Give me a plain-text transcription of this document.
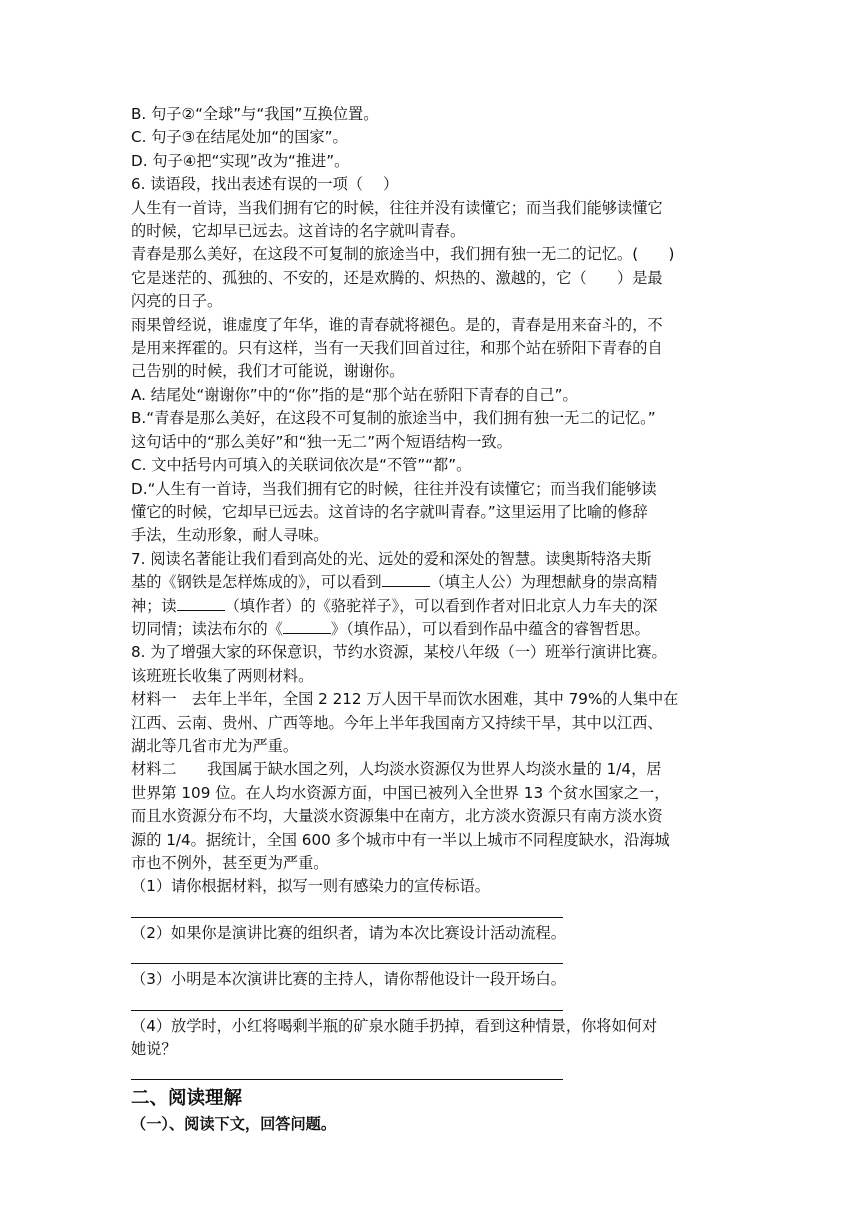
B. 句子②“全球”与“我国”互换位置。

C. 句子③在结尾处加“的国家”。

D. 句子④把“实现”改为“推进”。

6. 读语段，找出表述有误的一项（　 ）

人生有一首诗，当我们拥有它的时候，往往并没有读懂它；而当我们能够读懂它

的时候，它却早已远去。这首诗的名字就叫青春。

青春是那么美好，在这段不可复制的旅途当中，我们拥有独一无二的记忆。(　　)

它是迷茫的、孤独的、不安的，还是欢腾的、炽热的、激越的，它（　　）是最

闪亮的日子。

雨果曾经说，谁虚度了年华，谁的青春就将褪色。是的，青春是用来奋斗的，不

是用来挥霍的。只有这样，当有一天我们回首过往，和那个站在骄阳下青春的自

己告别的时候，我们才可能说，谢谢你。

A. 结尾处“谢谢你”中的“你”指的是“那个站在骄阳下青春的自己”。

B.“青春是那么美好，在这段不可复制的旅途当中，我们拥有独一无二的记忆。”

这句话中的“那么美好”和“独一无二”两个短语结构一致。

C. 文中括号内可填入的关联词依次是“不管”“都”。

D.“人生有一首诗，当我们拥有它的时候，往往并没有读懂它；而当我们能够读

懂它的时候，它却早已远去。这首诗的名字就叫青春。”这里运用了比喻的修辞

手法，生动形象，耐人寻味。

7. 阅读名著能让我们看到高处的光、远处的爱和深处的智慧。读奥斯特洛夫斯

基的《钢铁是怎样炼成的》，可以看到	（填主人公）为理想献身的崇高精

神；读	（填作者）的《骆驼祥子》，可以看到作者对旧北京人力车夫的深

切同情；读法布尔的《	》（填作品），可以看到作品中蕴含的睿智哲思。

8. 为了增强大家的环保意识，节约水资源，某校八年级（一）班举行演讲比赛。

该班班长收集了两则材料。

材料一　去年上半年，全国 2 212 万人因干旱而饮水困难，其中 79%的人集中在

江西、云南、贵州、广西等地。今年上半年我国南方又持续干旱，其中以江西、

湖北等几省市尤为严重。

材料二　　我国属于缺水国之列，人均淡水资源仅为世界人均淡水量的 1/4，居

世界第 109 位。在人均水资源方面，中国已被列入全世界 13 个贫水国家之一，

而且水资源分布不均，大量淡水资源集中在南方，北方淡水资源只有南方淡水资

源的 1/4。据统计，全国 600 多个城市中有一半以上城市不同程度缺水，沿海城

市也不例外，甚至更为严重。

（1）请你根据材料，拟写一则有感染力的宣传标语。

（2）如果你是演讲比赛的组织者，请为本次比赛设计活动流程。

（3）小明是本次演讲比赛的主持人，请你帮他设计一段开场白。

（4）放学时，小红将喝剩半瓶的矿泉水随手扔掉，看到这种情景，你将如何对

她说？

二、阅读理解
（一）、阅读下文，回答问题。
